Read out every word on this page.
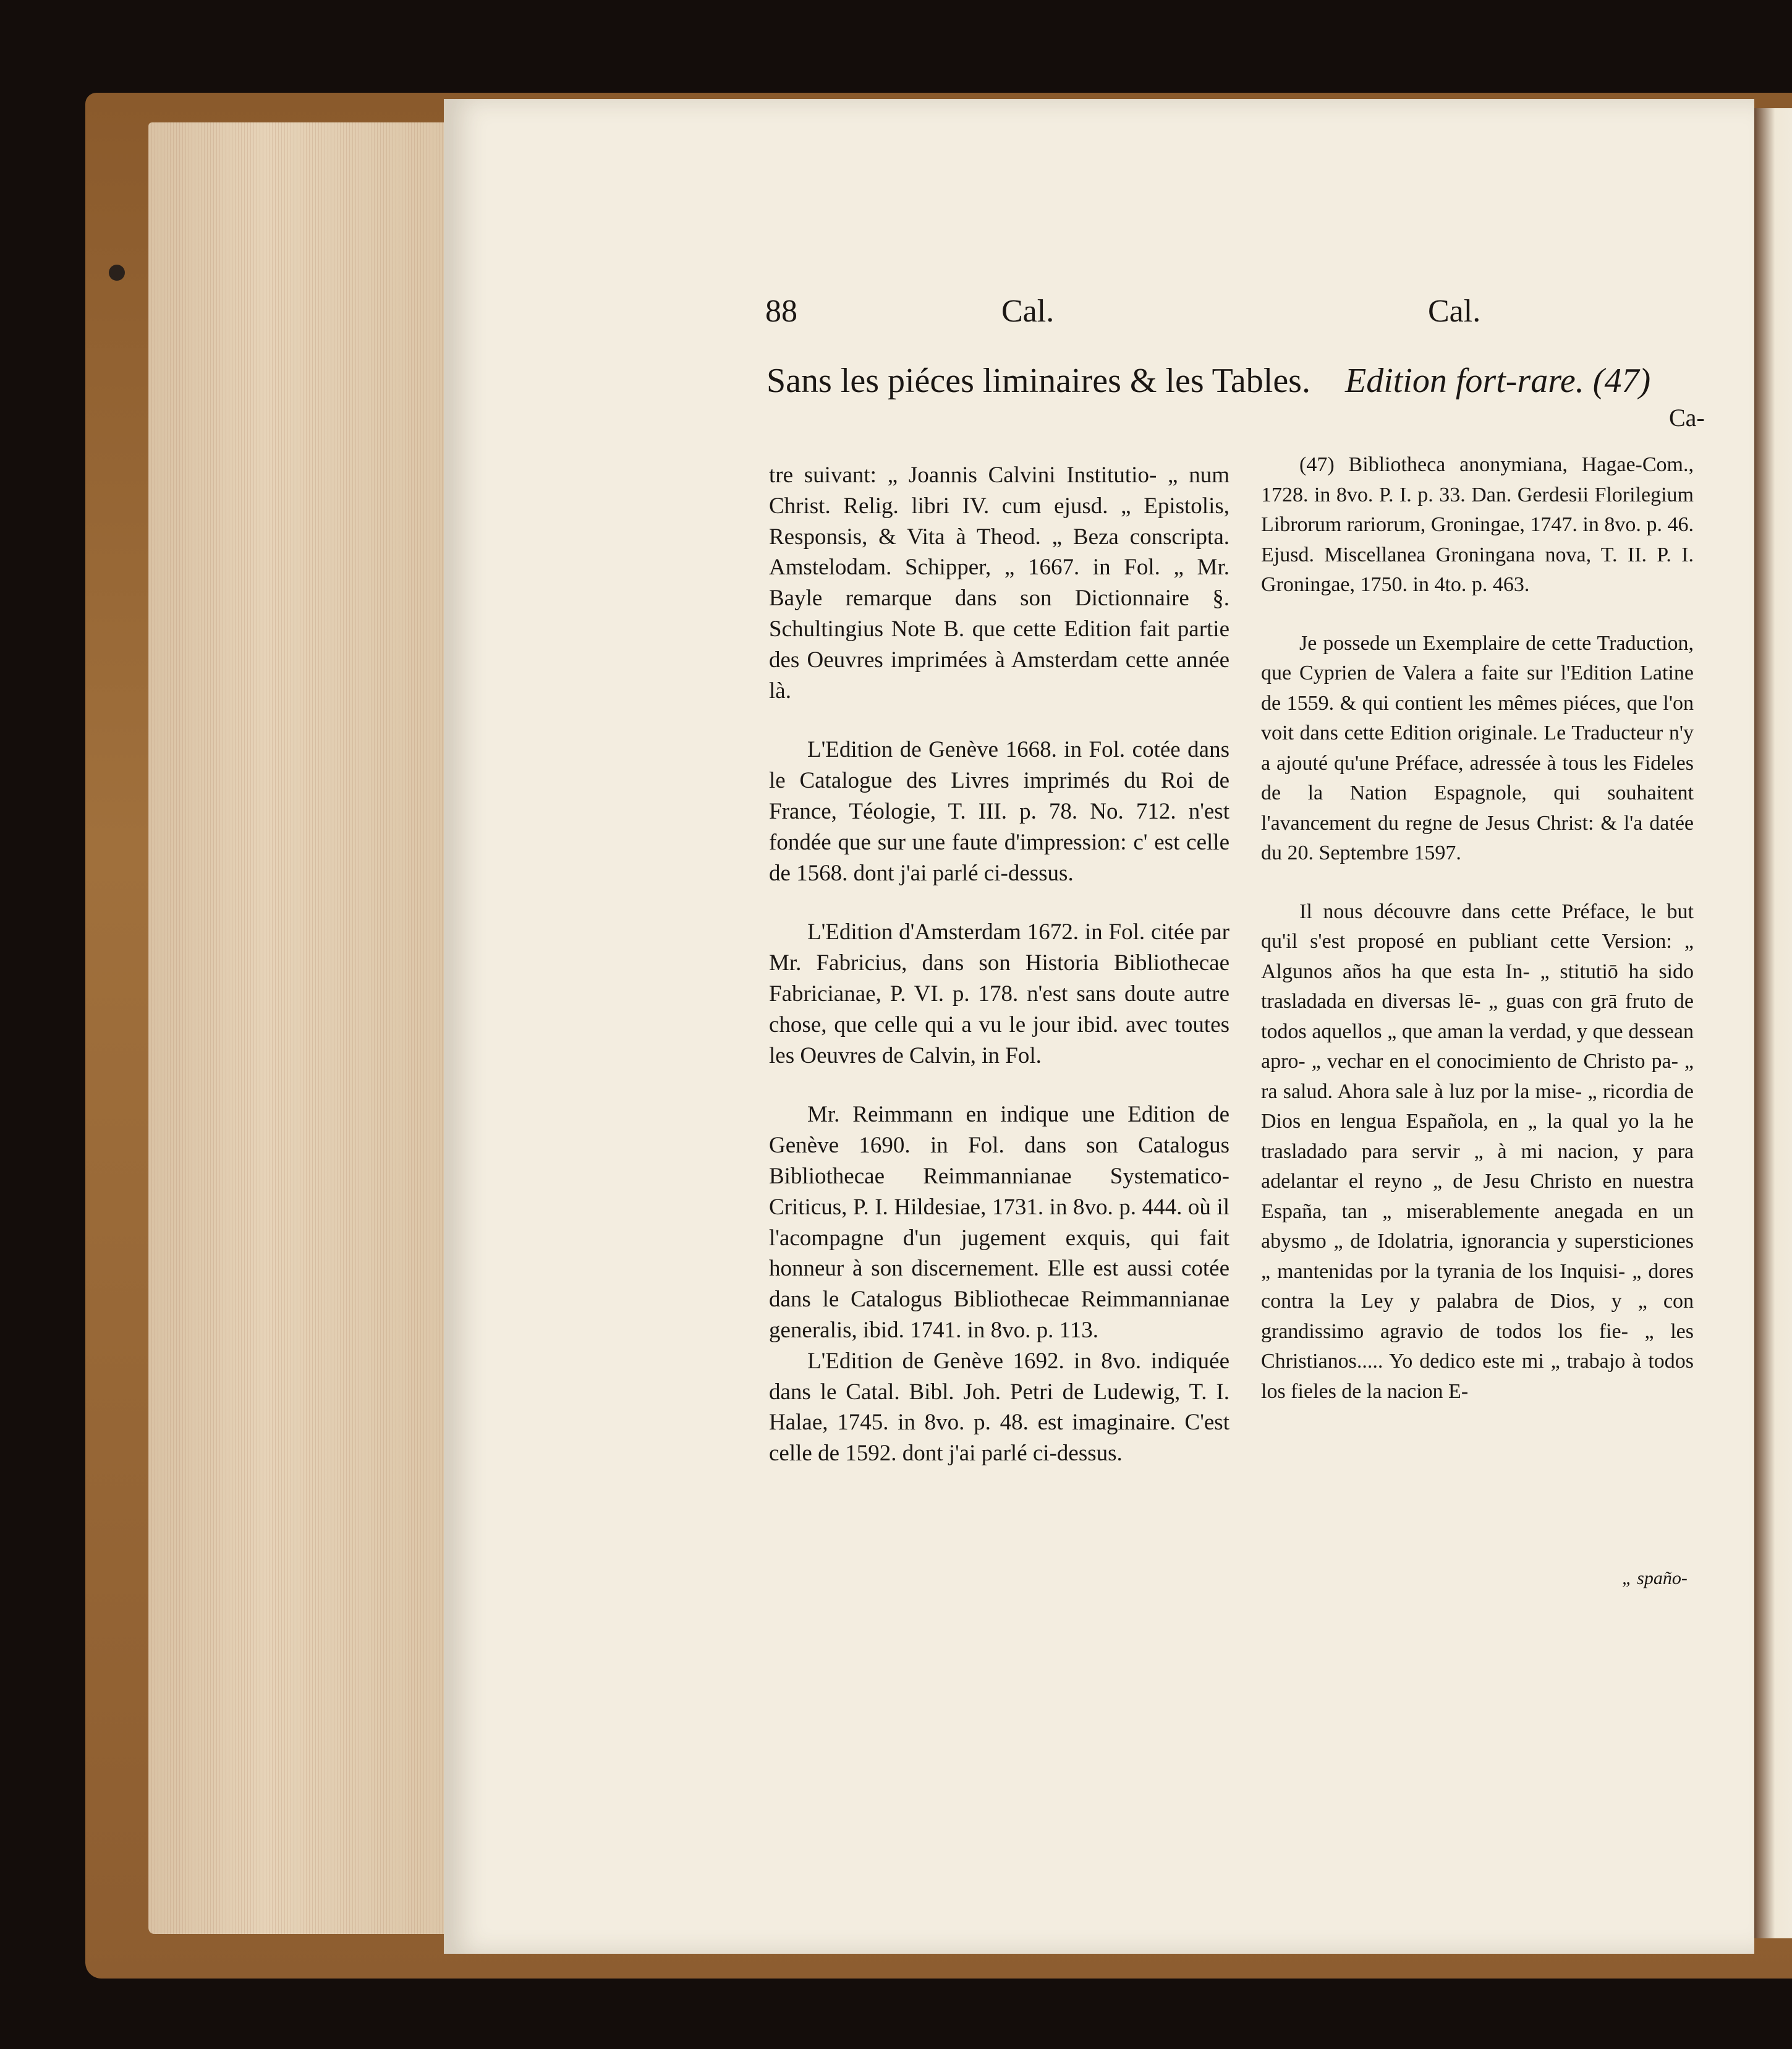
88	Cal.	Cal.
Sans les piéces liminaires & les Tables. Edition fort-rare. (47)
Ca-

tre suivant: „ Joannis Calvini Institutio- „ num Christ. Relig. libri IV. cum ejusd. „ Epistolis, Responsis, & Vita à Theod. „ Beza conscripta. Amstelodam. Schipper, „ 1667. in Fol. „ Mr. Bayle remarque dans son Dictionnaire §. Schultingius Note B. que cette Edition fait partie des Oeuvres imprimées à Amsterdam cette année là.

L'Edition de Genève 1668. in Fol. cotée dans le Catalogue des Livres imprimés du Roi de France, Téologie, T. III. p. 78. No. 712. n'est fondée que sur une faute d'impression: c' est celle de 1568. dont j'ai parlé ci-dessus.

L'Edition d'Amsterdam 1672. in Fol. citée par Mr. Fabricius, dans son Historia Bibliothecae Fabricianae, P. VI. p. 178. n'est sans doute autre chose, que celle qui a vu le jour ibid. avec toutes les Oeuvres de Calvin, in Fol.

Mr. Reimmann en indique une Edition de Genève 1690. in Fol. dans son Catalogus Bibliothecae Reimmannianae Systematico-Criticus, P. I. Hildesiae, 1731. in 8vo. p. 444. où il l'acompagne d'un jugement exquis, qui fait honneur à son discernement. Elle est aussi cotée dans le Catalogus Bibliothecae Reimmannianae generalis, ibid. 1741. in 8vo. p. 113.

L'Edition de Genève 1692. in 8vo. indiquée dans le Catal. Bibl. Joh. Petri de Ludewig, T. I. Halae, 1745. in 8vo. p. 48. est imaginaire. C'est celle de 1592. dont j'ai parlé ci-dessus.

(47) Bibliotheca anonymiana, Hagae-Com., 1728. in 8vo. P. I. p. 33. Dan. Gerdesii Florilegium Librorum rariorum, Groningae, 1747. in 8vo. p. 46. Ejusd. Miscellanea Groningana nova, T. II. P. I. Groningae, 1750. in 4to. p. 463.

Je possede un Exemplaire de cette Traduction, que Cyprien de Valera a faite sur l'Edition Latine de 1559. & qui contient les mêmes piéces, que l'on voit dans cette Edition originale. Le Traducteur n'y a ajouté qu'une Préface, adressée à tous les Fideles de la Nation Espagnole, qui souhaitent l'avancement du regne de Jesus Christ: & l'a datée du 20. Septembre 1597.

Il nous découvre dans cette Préface, le but qu'il s'est proposé en publiant cette Version: „ Algunos años ha que esta In- „ stitutiō ha sido trasladada en diversas lē- „ guas con grā fruto de todos aquellos „ que aman la verdad, y que dessean apro- „ vechar en el conocimiento de Christo pa- „ ra salud. Ahora sale à luz por la mise- „ ricordia de Dios en lengua Española, en „ la qual yo la he trasladado para servir „ à mi nacion, y para adelantar el reyno „ de Jesu Christo en nuestra España, tan „ miserablemente anegada en un abysmo „ de Idolatria, ignorancia y supersticiones „ mantenidas por la tyrania de los Inquisi- „ dores contra la Ley y palabra de Dios, y „ con grandissimo agravio de todos los fie- „ les Christianos..... Yo dedico este mi „ trabajo à todos los fieles de la nacion E-

„ spaño-
